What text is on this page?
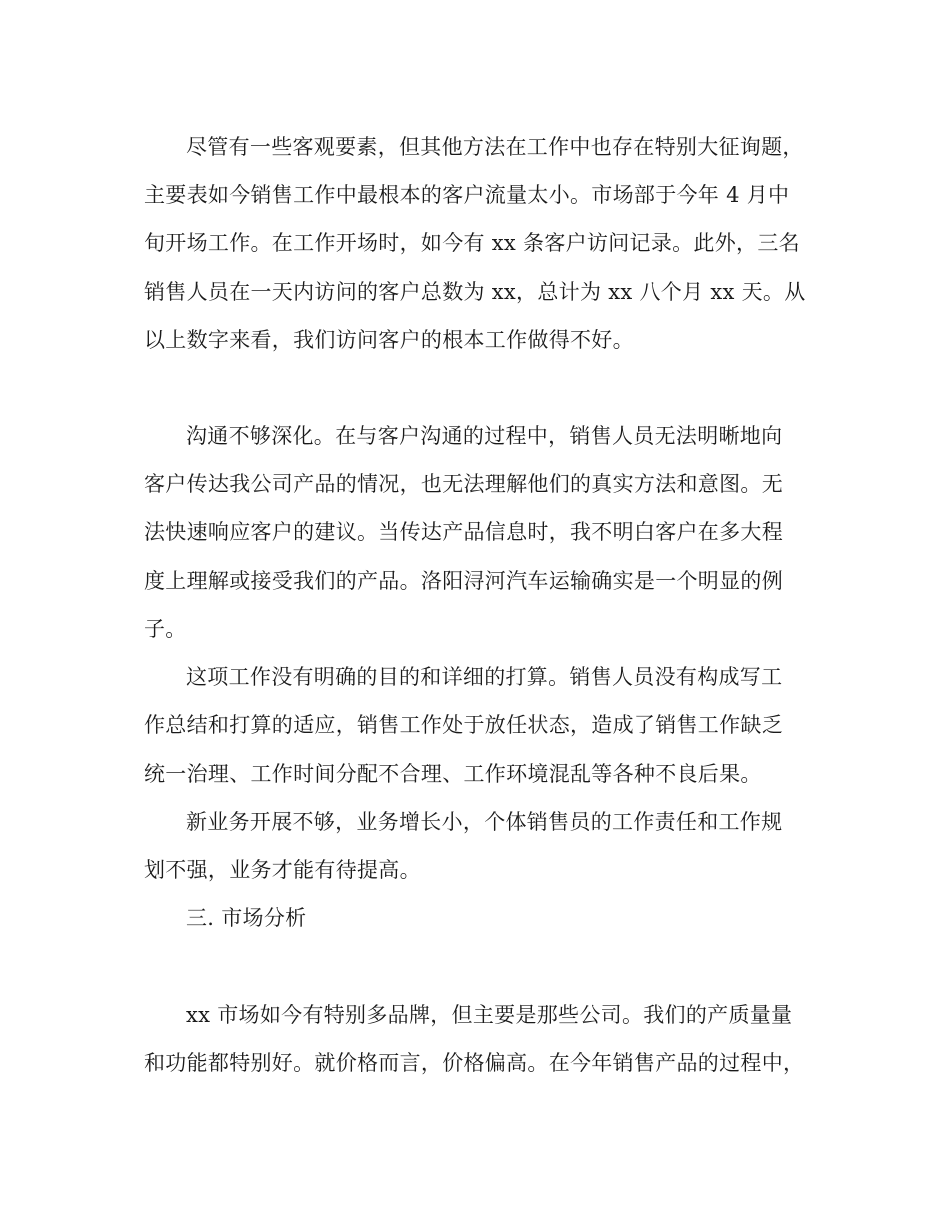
尽管有一些客观要素，但其他方法在工作中也存在特别大征询题，
主要表如今销售工作中最根本的客户流量太小。市场部于今年 4 月中
旬开场工作。在工作开场时，如今有 xx 条客户访问记录。此外，三名
销售人员在一天内访问的客户总数为 xx，总计为 xx 八个月 xx 天。从
以上数字来看，我们访问客户的根本工作做得不好。
沟通不够深化。在与客户沟通的过程中，销售人员无法明晰地向
客户传达我公司产品的情况，也无法理解他们的真实方法和意图。无
法快速响应客户的建议。当传达产品信息时，我不明白客户在多大程
度上理解或接受我们的产品。洛阳浔河汽车运输确实是一个明显的例
子。
这项工作没有明确的目的和详细的打算。销售人员没有构成写工
作总结和打算的适应，销售工作处于放任状态，造成了销售工作缺乏
统一治理、工作时间分配不合理、工作环境混乱等各种不良后果。
新业务开展不够，业务增长小，个体销售员的工作责任和工作规
划不强，业务才能有待提高。
三. 市场分析
xx 市场如今有特别多品牌，但主要是那些公司。我们的产质量量
和功能都特别好。就价格而言，价格偏高。在今年销售产品的过程中，
